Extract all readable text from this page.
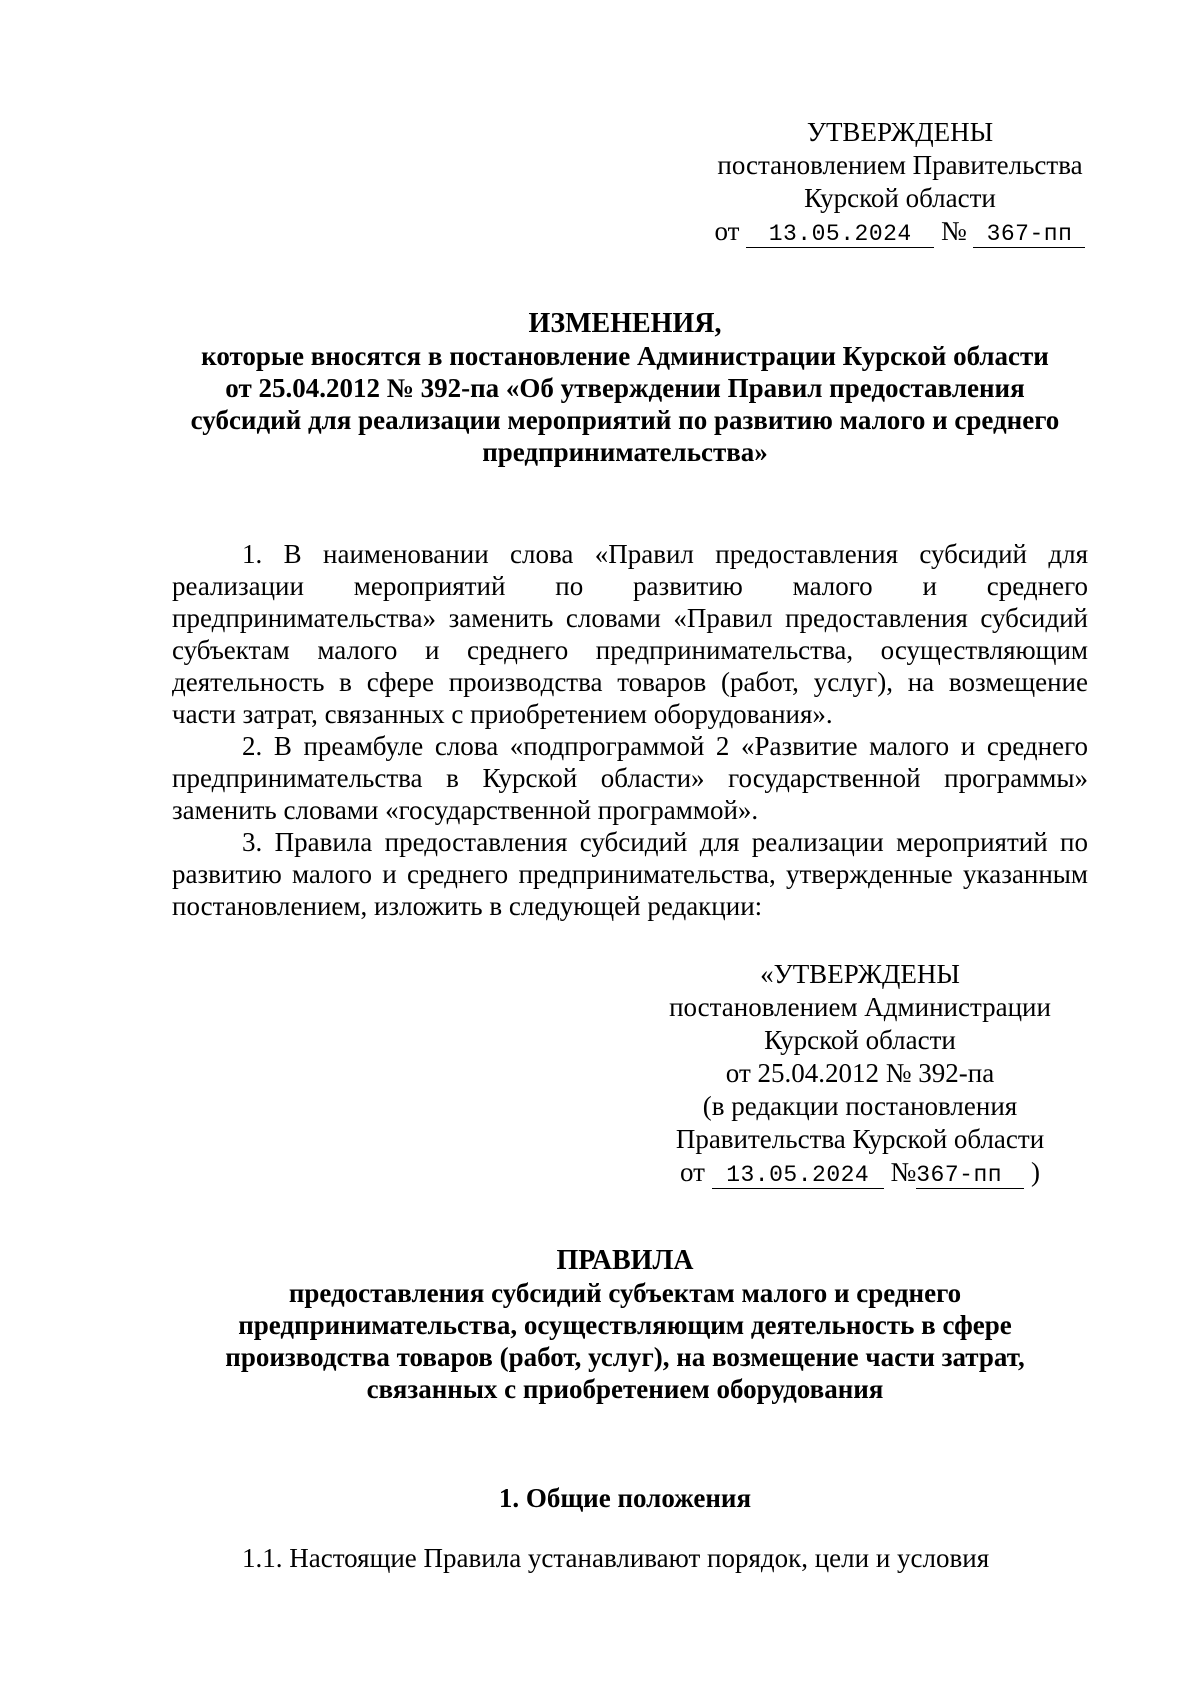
УТВЕРЖДЕНЫ
постановлением Правительства
Курской области
от 13.05.2024 № 367-пп
ИЗМЕНЕНИЯ,
которые вносятся в постановление Администрации Курской области
от 25.04.2012 № 392-па «Об утверждении Правил предоставления
субсидий для реализации мероприятий по развитию малого и среднего
предпринимательства»

1. В наименовании слова «Правил предоставления субсидий для реализации мероприятий по развитию малого и среднего предпринимательства» заменить словами «Правил предоставления субсидий субъектам малого и среднего предпринимательства, осуществляющим деятельность в сфере производства товаров (работ, услуг), на возмещение части затрат, связанных с приобретением оборудования».

2. В преамбуле слова «подпрограммой 2 «Развитие малого и среднего предпринимательства в Курской области» государственной программы» заменить словами «государственной программой».

3. Правила предоставления субсидий для реализации мероприятий по развитию малого и среднего предпринимательства, утвержденные указанным постановлением, изложить в следующей редакции:

«УТВЕРЖДЕНЫ
постановлением Администрации
Курской области
от 25.04.2012 № 392-па
(в редакции постановления
Правительства Курской области
от 13.05.2024 №367-пп )
ПРАВИЛА
предоставления субсидий субъектам малого и среднего
предпринимательства, осуществляющим деятельность в сфере
производства товаров (работ, услуг), на возмещение части затрат,
связанных с приобретением оборудования
1. Общие положения

1.1. Настоящие Правила устанавливают порядок, цели и условия
